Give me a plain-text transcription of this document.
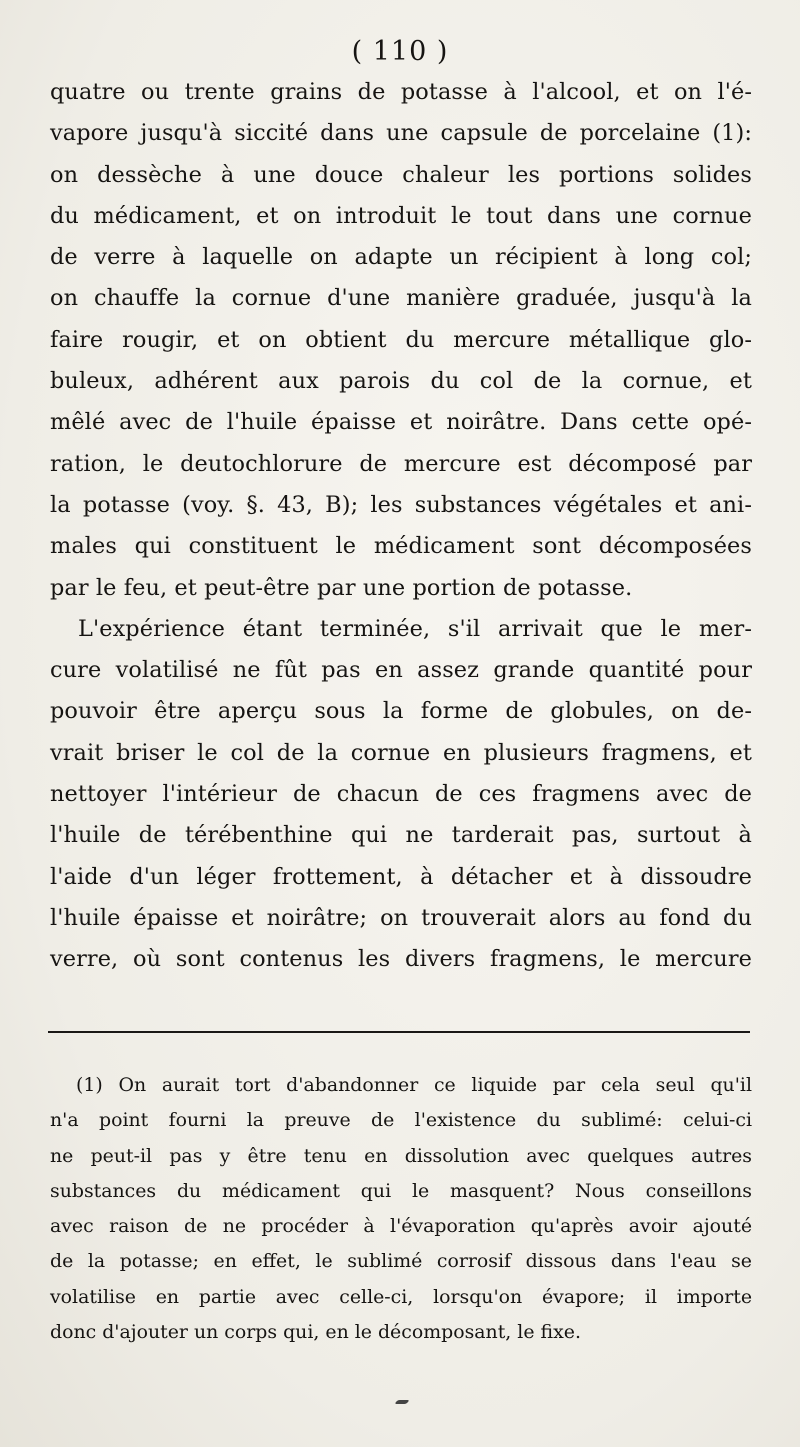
( 110 )
quatre ou trente grains de potasse à l'alcool, et on l'é-
vapore jusqu'à siccité dans une capsule de porcelaine (1):
on dessèche à une douce chaleur les portions solides
du médicament, et on introduit le tout dans une cornue
de verre à laquelle on adapte un récipient à long col;
on chauffe la cornue d'une manière graduée, jusqu'à la
faire rougir, et on obtient du mercure métallique glo-
buleux, adhérent aux parois du col de la cornue, et
mêlé avec de l'huile épaisse et noirâtre. Dans cette opé-
ration, le deutochlorure de mercure est décomposé par
la potasse (voy. §. 43, B); les substances végétales et ani-
males qui constituent le médicament sont décomposées
par le feu, et peut-être par une portion de potasse.
L'expérience étant terminée, s'il arrivait que le mer-
cure volatilisé ne fût pas en assez grande quantité pour
pouvoir être aperçu sous la forme de globules, on de-
vrait briser le col de la cornue en plusieurs fragmens, et
nettoyer l'intérieur de chacun de ces fragmens avec de
l'huile de térébenthine qui ne tarderait pas, surtout à
l'aide d'un léger frottement, à détacher et à dissoudre
l'huile épaisse et noirâtre; on trouverait alors au fond du
verre, où sont contenus les divers fragmens, le mercure
(1) On aurait tort d'abandonner ce liquide par cela seul qu'il
n'a point fourni la preuve de l'existence du sublimé: celui-ci
ne peut-il pas y être tenu en dissolution avec quelques autres
substances du médicament qui le masquent? Nous conseillons
avec raison de ne procéder à l'évaporation qu'après avoir ajouté
de la potasse; en effet, le sublimé corrosif dissous dans l'eau se
volatilise en partie avec celle-ci, lorsqu'on évapore; il importe
donc d'ajouter un corps qui, en le décomposant, le fixe.
